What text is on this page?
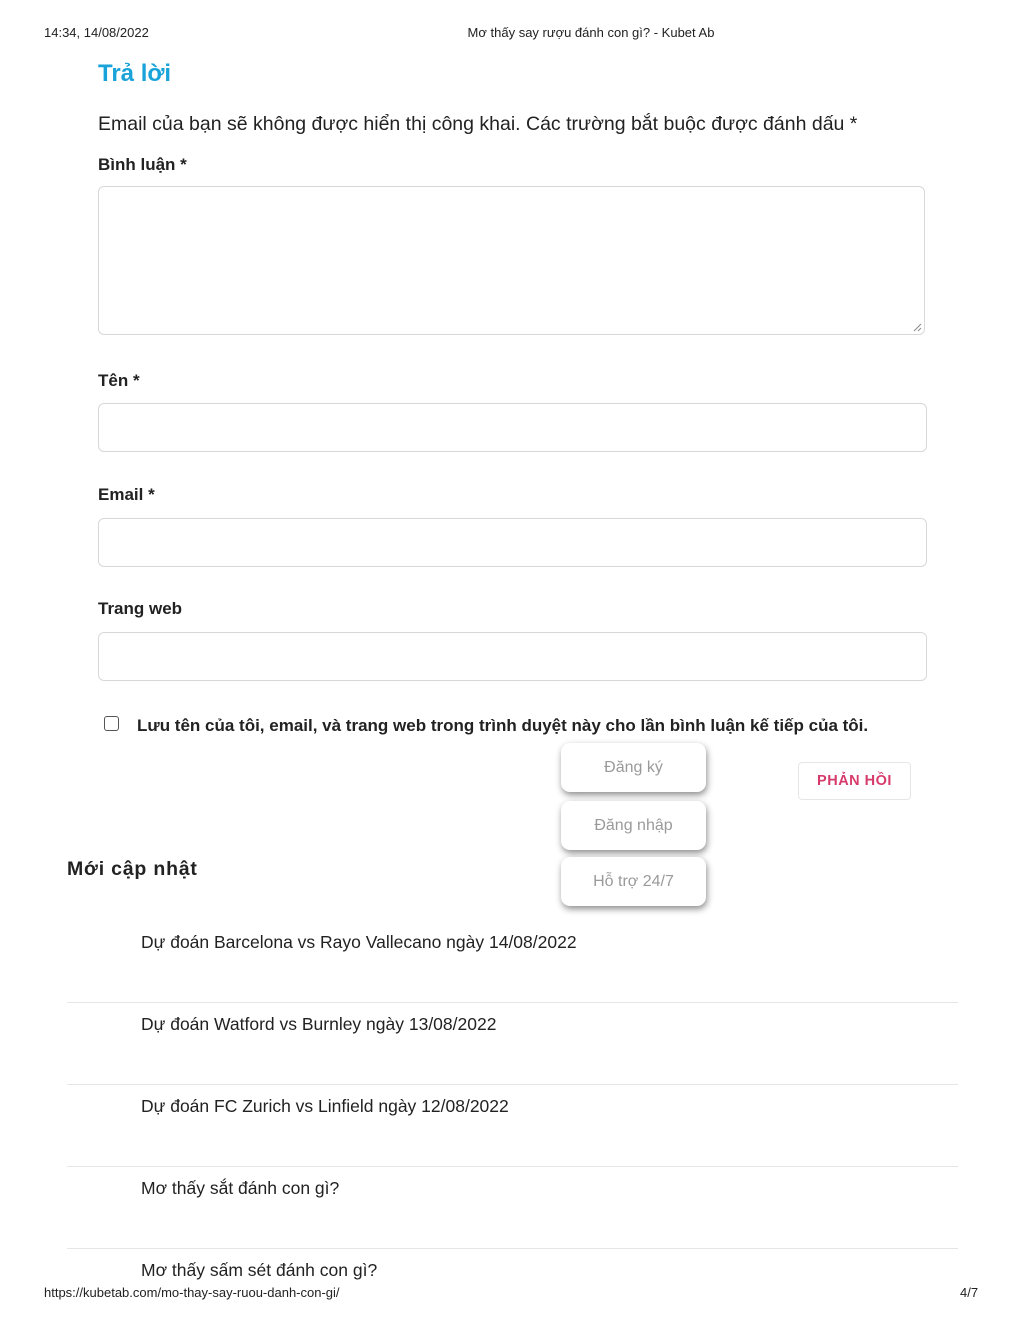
14:34, 14/08/2022	Mơ thấy say rượu đánh con gì? - Kubet Ab
Trả lời
Email của bạn sẽ không được hiển thị công khai. Các trường bắt buộc được đánh dấu *
Bình luận *
Tên *
Email *
Trang web
Lưu tên của tôi, email, và trang web trong trình duyệt này cho lần bình luận kế tiếp của tôi.
PHẢN HỒI
Đăng ký
Đăng nhập
Hỗ trợ 24/7
Mới cập nhật
Dự đoán Barcelona vs Rayo Vallecano ngày 14/08/2022
Dự đoán Watford vs Burnley ngày 13/08/2022
Dự đoán FC Zurich vs Linfield ngày 12/08/2022
Mơ thấy sắt đánh con gì?
Mơ thấy sấm sét đánh con gì?
https://kubetab.com/mo-thay-say-ruou-danh-con-gi/	4/7
